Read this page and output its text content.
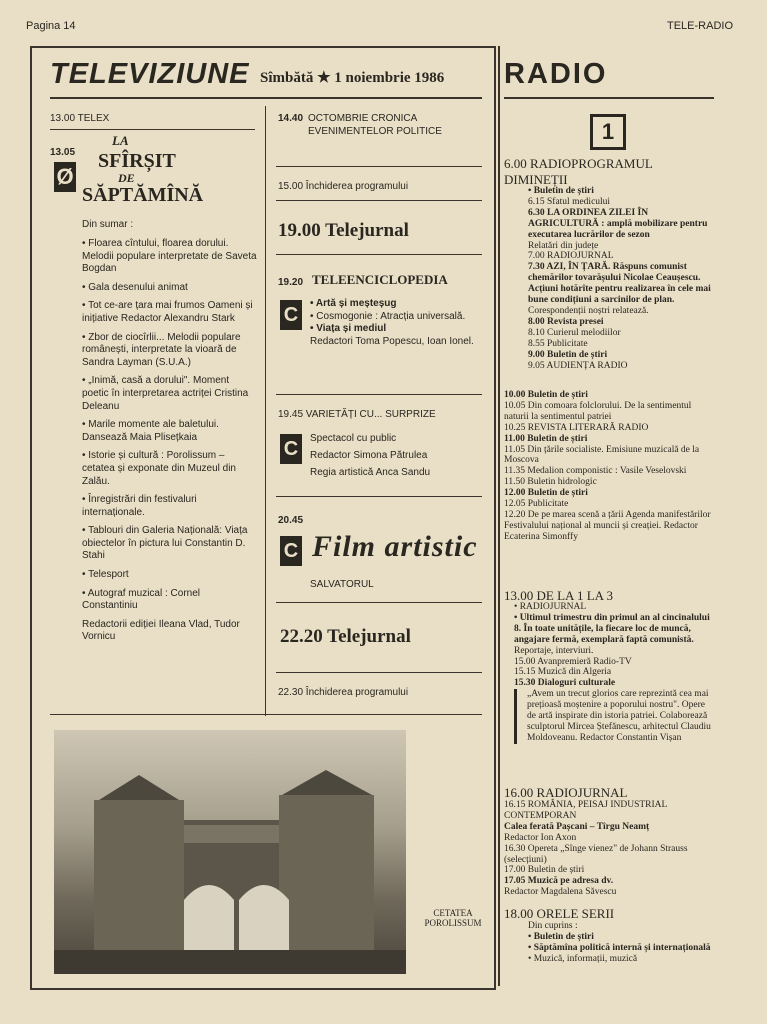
Pagina 14	TELE-RADIO
TELEVIZIUNE Sîmbătă ★ 1 noiembrie 1986
13.00 TELEX
13.05
Ø
LA
SFÎRȘIT
DE
SĂPTĂMÎNĂ
Din sumar :
• Floarea cîntului, floarea dorului. Melodii populare interpretate de Saveta Bogdan
• Gala desenului animat
• Tot ce-are țara mai frumos Oameni și inițiative Redactor Alexandru Stark
• Zbor de ciocîrlii... Melodii populare românești, interpretate la vioară de Sandra Layman (S.U.A.)
• „Inimă, casă a dorului". Moment poetic în interpretarea actriței Cristina Deleanu
• Marile momente ale baletului. Dansează Maia Plisețkaia
• Istorie și cultură : Porolissum – cetatea și exponate din Muzeul din Zalău.
• Înregistrări din festivaluri internaționale.
• Tablouri din Galeria Națională: Viața obiectelor în pictura lui Constantin D. Stahi
• Telesport
• Autograf muzical : Cornel Constantiniu
Redactorii ediției Ileana Vlad, Tudor Vornicu
14.40 OCTOMBRIE CRONICA EVENIMENTELOR POLITICE
15.00 Închiderea programului
19.00 Telejurnal
19.20 TELEENCICLOPEDIA
C
• Artă și meșteșug
• Cosmogonie : Atracția universală.
• Viața și mediul
Redactori Toma Popescu, Ioan Ionel.
19.45 VARIETĂȚI CU... SURPRIZE
C	Spectacol cu public
Redactor Simona Pătrulea
Regia artistică Anca Sandu
20.45
C Film artistic
SALVATORUL
22.20 Telejurnal
22.30 Închiderea programului
CETATEA POROLISSUM
RADIO
1
6.00 RADIOPROGRAMUL DIMINEȚII
• Buletin de știri
6.15 Sfatul medicului
6.30 LA ORDINEA ZILEI ÎN AGRICULTURĂ : amplă mobilizare pentru executarea lucrărilor de sezon
Relatări din județe
7.00 RADIOJURNAL
7.30 AZI, ÎN ȚARĂ. Răspuns comunist chemărilor tovarășului Nicolae Ceaușescu. Acțiuni hotărîte pentru realizarea în cele mai bune condițiuni a sarcinilor de plan.
Corespondenții noștri relatează.
8.00 Revista presei
8.10 Curierul melodiilor
8.55 Publicitate
9.00 Buletin de știri
9.05 AUDIENȚA RADIO
10.00 Buletin de știri
10.05 Din comoara folclorului. De la sentimentul naturii la sentimentul patriei
10.25 REVISTA LITERARĂ RADIO
11.00 Buletin de știri
11.05 Din țările socialiste. Emisiune muzicală de la Moscova
11.35 Medalion componistic : Vasile Veselovski
11.50 Buletin hidrologic
12.00 Buletin de știri
12.05 Publicitate
12.20 De pe marea scenă a țării Agenda manifestărilor Festivalului național al muncii și creației. Redactor Ecaterina Simonffy
13.00 DE LA 1 LA 3
• RADIOJURNAL
• Ultimul trimestru din primul an al cincinalului 8. În toate unitățile, la fiecare loc de muncă, angajare fermă, exemplară faptă comunistă.
Reportaje, interviuri.
15.00 Avanpremieră Radio-TV
15.15 Muzică din Algeria
15.30 Dialoguri culturale
„Avem un trecut glorios care reprezintă cea mai prețioasă moștenire a poporului nostru". Opere de artă inspirate din istoria patriei. Colaborează sculptorul Mircea Ștefănescu, arhitectul Claudiu Moldoveanu. Redactor Constantin Vișan
16.00 RADIOJURNAL
16.15 ROMÂNIA, PEISAJ INDUSTRIAL CONTEMPORAN
Calea ferată Pașcani – Tîrgu Neamț
Redactor Ion Axon
16.30 Opereta „Sînge vienez" de Johann Strauss (selecțiuni)
17.00 Buletin de știri
17.05 Muzică pe adresa dv.
Redactor Magdalena Săvescu
18.00 ORELE SERII
Din cuprins :
• Buletin de știri
• Săptămîna politică internă și internațională
• Muzică, informații, muzică
